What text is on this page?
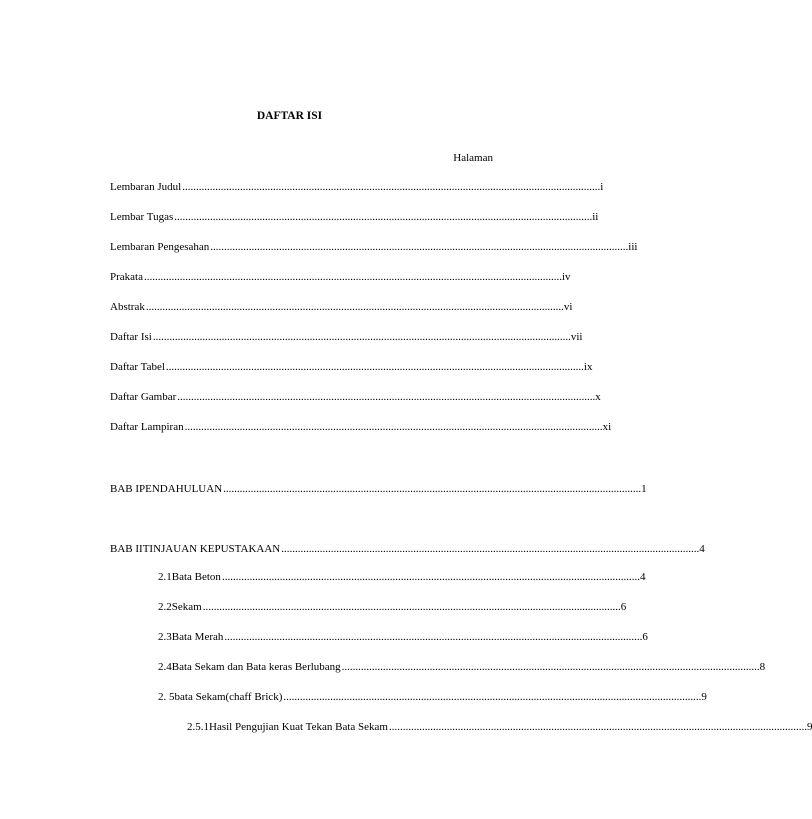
DAFTAR ISI
Halaman
Lembaran Judul ........................................................................................................................................................ i
Lembar Tugas ........................................................................................................................................................ ii
Lembaran Pengesahan ........................................................................................................................................................ iii
Prakata ........................................................................................................................................................ iv
Abstrak ........................................................................................................................................................ vi
Daftar Isi ........................................................................................................................................................ vii
Daftar Tabel ........................................................................................................................................................ ix
Daftar Gambar ........................................................................................................................................................ x
Daftar Lampiran ........................................................................................................................................................ xi
BAB I PENDAHULUAN ........................................................................................................................................................ 1
BAB II TINJAUAN KEPUSTAKAAN ........................................................................................................................................................ 4
2.1 Bata Beton ........................................................................................................................................................ 4
2.2 Sekam ........................................................................................................................................................ 6
2.3 Bata Merah ........................................................................................................................................................ 6
2.4 Bata Sekam dan Bata keras Berlubang ........................................................................................................................................................ 8
2. 5 bata Sekam(chaff Brick) ........................................................................................................................................................ 9
2.5.1 Hasil Pengujian Kuat Tekan Bata Sekam ........................................................................................................................................................ 9
